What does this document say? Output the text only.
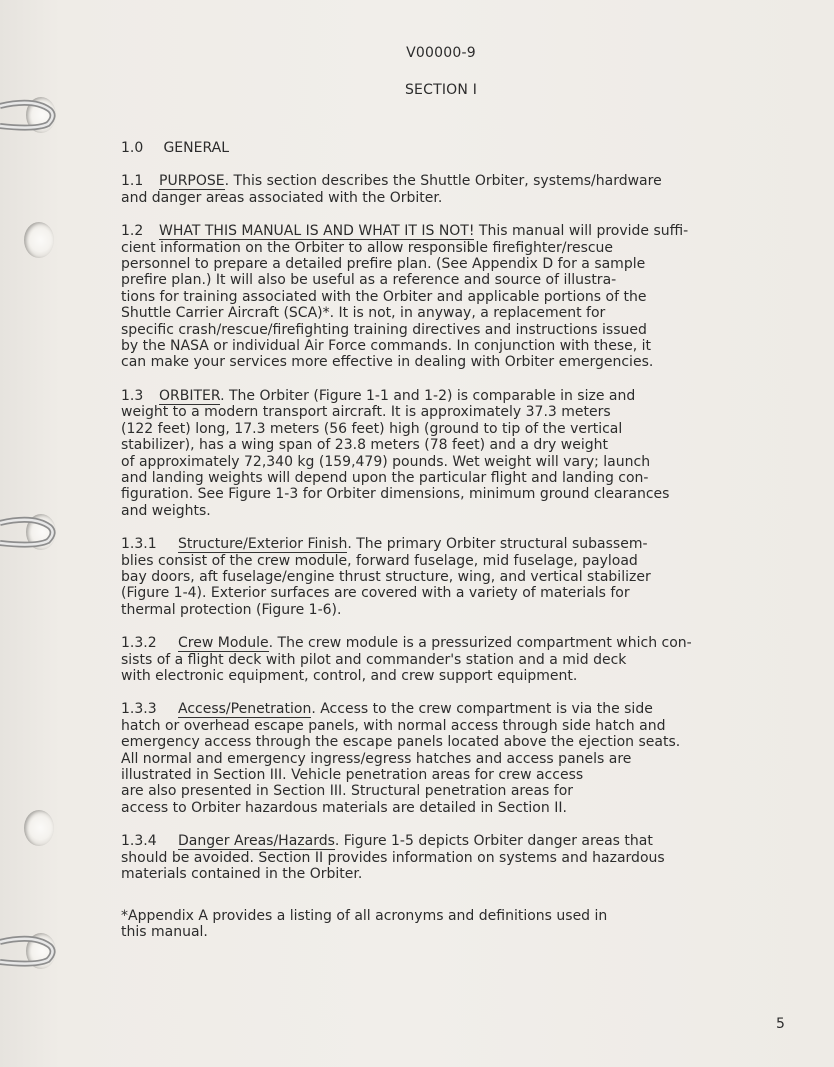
V00000-9
SECTION I
1.0 GENERAL
1.1 PURPOSE. This section describes the Shuttle Orbiter, systems/hardware
and danger areas associated with the Orbiter.
1.2 WHAT THIS MANUAL IS AND WHAT IT IS NOT! This manual will provide suffi-
cient information on the Orbiter to allow responsible firefighter/rescue
personnel to prepare a detailed prefire plan. (See Appendix D for a sample
prefire plan.) It will also be useful as a reference and source of illustra-
tions for training associated with the Orbiter and applicable portions of the
Shuttle Carrier Aircraft (SCA)*. It is not, in anyway, a replacement for
specific crash/rescue/firefighting training directives and instructions issued
by the NASA or individual Air Force commands. In conjunction with these, it
can make your services more effective in dealing with Orbiter emergencies.
1.3 ORBITER. The Orbiter (Figure 1-1 and 1-2) is comparable in size and
weight to a modern transport aircraft. It is approximately 37.3 meters
(122 feet) long, 17.3 meters (56 feet) high (ground to tip of the vertical
stabilizer), has a wing span of 23.8 meters (78 feet) and a dry weight
of approximately 72,340 kg (159,479) pounds. Wet weight will vary; launch
and landing weights will depend upon the particular flight and landing con-
figuration. See Figure 1-3 for Orbiter dimensions, minimum ground clearances
and weights.
1.3.1 Structure/Exterior Finish. The primary Orbiter structural subassem-
blies consist of the crew module, forward fuselage, mid fuselage, payload
bay doors, aft fuselage/engine thrust structure, wing, and vertical stabilizer
(Figure 1-4). Exterior surfaces are covered with a variety of materials for
thermal protection (Figure 1-6).
1.3.2 Crew Module. The crew module is a pressurized compartment which con-
sists of a flight deck with pilot and commander's station and a mid deck
with electronic equipment, control, and crew support equipment.
1.3.3 Access/Penetration. Access to the crew compartment is via the side
hatch or overhead escape panels, with normal access through side hatch and
emergency access through the escape panels located above the ejection seats.
All normal and emergency ingress/egress hatches and access panels are
illustrated in Section III. Vehicle penetration areas for crew access
are also presented in Section III. Structural penetration areas for
access to Orbiter hazardous materials are detailed in Section II.
1.3.4 Danger Areas/Hazards. Figure 1-5 depicts Orbiter danger areas that
should be avoided. Section II provides information on systems and hazardous
materials contained in the Orbiter.
*Appendix A provides a listing of all acronyms and definitions used in
this manual.
5
